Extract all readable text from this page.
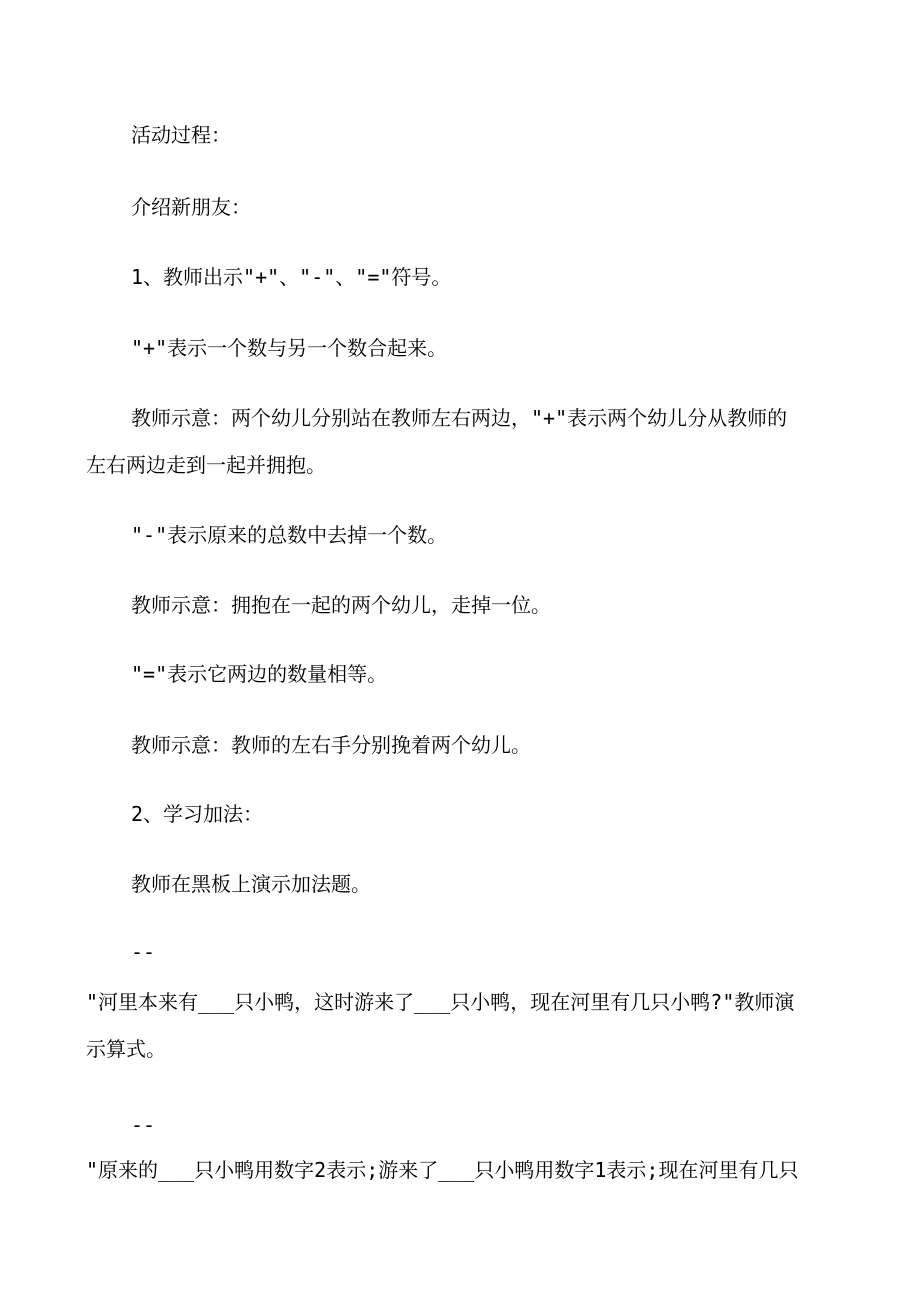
活动过程：
介绍新朋友：
1、教师出示"+"、"-"、"="符号。
"+"表示一个数与另一个数合起来。
教师示意：两个幼儿分别站在教师左右两边，"+"表示两个幼儿分从教师的
左右两边走到一起并拥抱。
"-"表示原来的总数中去掉一个数。
教师示意：拥抱在一起的两个幼儿，走掉一位。
"="表示它两边的数量相等。
教师示意：教师的左右手分别挽着两个幼儿。
2、学习加法：
教师在黑板上演示加法题。
--
"河里本来有___只小鸭，这时游来了___只小鸭，现在河里有几只小鸭?"教师演
示算式。
--
"原来的___只小鸭用数字2表示;游来了___只小鸭用数字1表示;现在河里有几只
